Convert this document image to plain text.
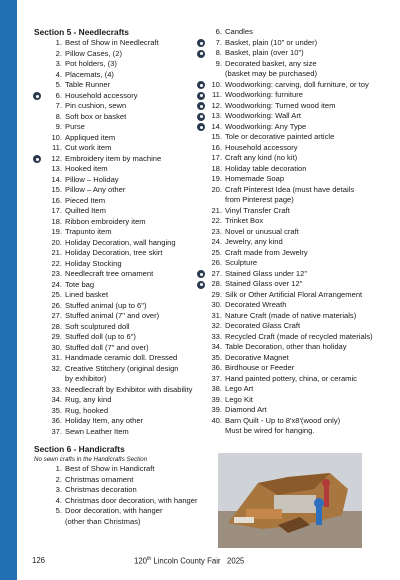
Section 5 - Needlecrafts
1. Best of Show in Needlecraft
2. Pillow Cases, (2)
3. Pot holders, (3)
4. Placemats, (4)
5. Table Runner
6. Household accessory
7. Pin cushion, sewn
8. Soft box or basket
9. Purse
10. Appliqued item
11. Cut work item
12. Embroidery item by machine
13. Hooked item
14. Pillow – Holiday
15. Pillow – Any other
16. Pieced Item
17. Quilted Item
18. Ribbon embroidery item
19. Trapunto item
20. Holiday Decoration, wall hanging
21. Holiday Decoration, tree skirt
22. Holiday Stocking
23. Needlecraft tree ornament
24. Tote bag
25. Lined basket
26. Stuffed animal (up to 6")
27. Stuffed animal (7" and over)
28. Soft sculptured doll
29. Stuffed doll (up to 6")
30. Stuffed doll (7" and over)
31. Handmade ceramic doll. Dressed
32. Creative Stitchery (original design
by exhibitor)
33. Needlecraft by Exhibitor with disability
34. Rug, any kind
35. Rug, hooked
36. Holiday Item, any other
37. Sewn Leather Item
Section 6 - Handicrafts
No sewn crafts in the Handicrafts Section
1. Best of Show in Handicraft
2. Christmas ornament
3. Christmas decoration
4. Christmas door decoration, with hanger
5. Door decoration, with hanger
(other than Christmas)
6. Candles
7. Basket, plain (10" or under)
8. Basket, plain (over 10")
9. Decorated basket, any size
(basket may be purchased)
10. Woodworking: carving, doll furniture, or toy
11. Woodworking: furniture
12. Woodworking: Turned wood item
13. Woodworking: Wall Art
14. Woodworking: Any Type
15. Tole or decorative painted article
16. Household accessory
17. Craft any kind (no kit)
18. Holiday table decoration
19. Homemade Soap
20. Craft Pinterest Idea (must have details
from Pinterest page)
21. Vinyl Transfer Craft
22. Trinket Box
23. Novel or unusual craft
24. Jewelry, any kind
25. Craft made from Jewelry
26. Sculpture
27. Stained Glass under 12"
28. Stained Glass over 12"
29. Silk or Other Artificial Floral Arrangement
30. Decorated Wreath
31. Nature Craft (made of native materials)
32. Decorated Glass Craft
33. Recycled Craft (made of recycled materials)
34. Table Decoration, other than holiday
35. Decorative Magnet
36. Birdhouse or Feeder
37. Hand painted pottery, china, or ceramic
38. Lego Art
39. Lego Kit
39. Diamond Art
40. Barn Quilt - Up to 8'x8'(wood only)
Must be wired for hanging.
126	120th Lincoln County Fair 2025
